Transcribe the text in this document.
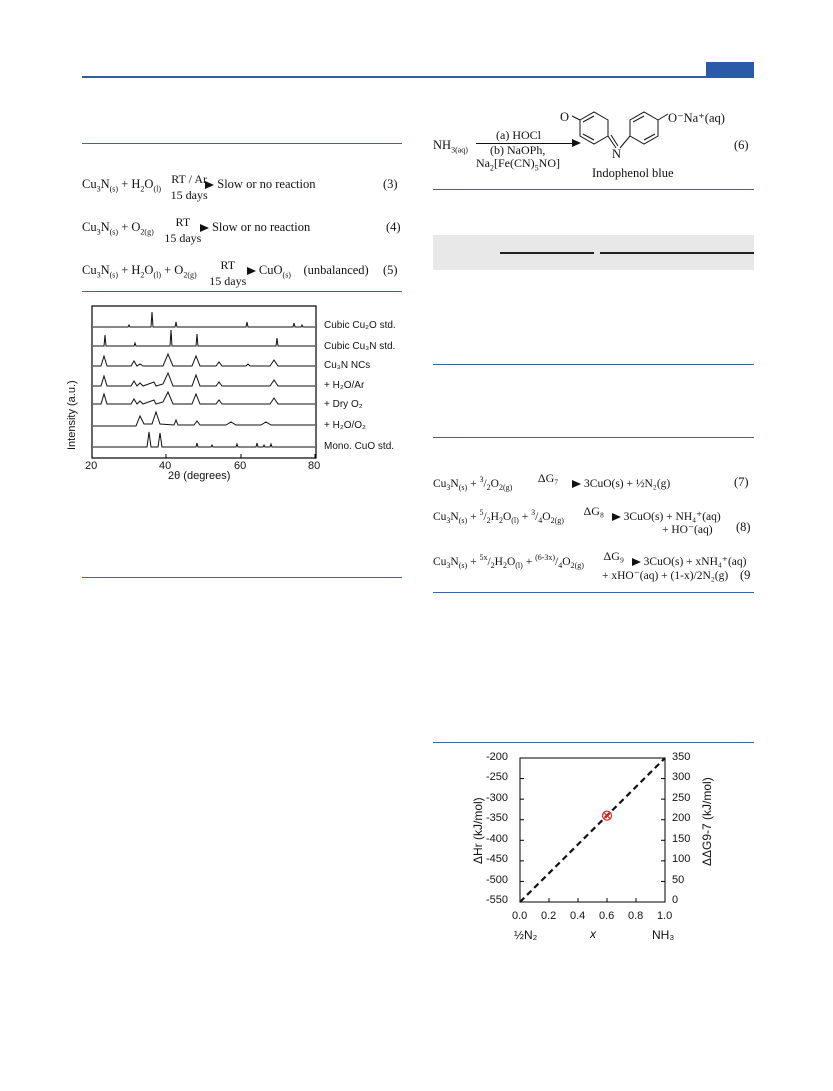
$Cu_3N_{(s)} + H_2O_{(l)}$
RT / Ar
15 days
Slow or no reaction	(3)
$Cu_3N_{(s)} + O_{2(g)}$
RT
15 days
Slow or no reaction	(4)
$Cu_3N_{(s)} + H_2O_{(l)} + O_{2(g)}$
RT
15 days
CuO$_{(s)}$ (unbalanced) (5)
Intensity (a.u.)
20	40	60	80
2θ (degrees)
Cubic Cu₂O std.
Cubic Cu₃N std.
Cu₃N NCs
+ H₂O/Ar
+ Dry O₂
+ H₂O/O₂
Mono. CuO std.
$NH_{3(aq)}$
(a) HOCl
(b) NaOPh,
$Na_2[Fe(CN)_5NO]$
O
N
O⁻Na⁺(aq)
Indophenol blue
(6)
$Cu_3N_{(s)} + ^3/_2O_{2(g)}$
ΔG₇	3CuO(s) + ½N₂(g)	(7)
$Cu_3N_{(s)} + ^5/_2H_2O_{(l)} + ^3/_4O_{2(g)}$
ΔG₈	3CuO(s) + NH₄⁺(aq)
+ HO⁻(aq) (8)
$Cu_3N_{(s)} + ^{5x}/_2H_2O_{(l)} + ^{(6-3x)}/_4O_{2(g)}$
ΔG₉	3CuO(s) + xNH₄⁺(aq)
+ xHO⁻(aq) + (1-x)/2N₂(g) (9
-200
-250
-300
-350
-400
-450
-500
-550
350
300
250
200
150
100
50
0
0.0 0.2 0.4 0.6 0.8 1.0
½N₂	x	NH₃
ΔHr (kJ/mol)	ΔΔG9-7 (kJ/mol)
